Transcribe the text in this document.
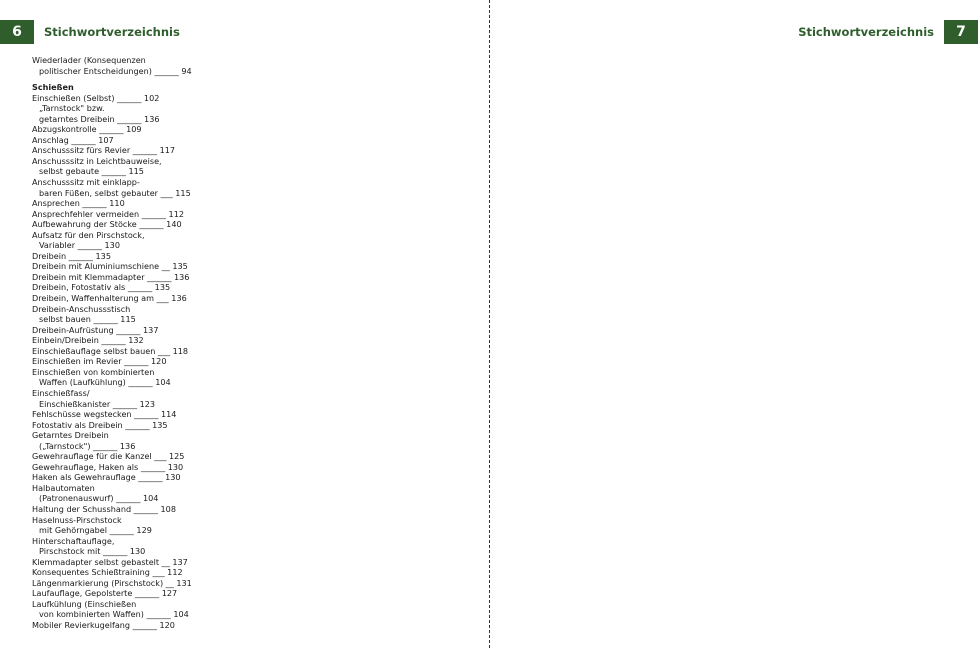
6	Stichwortverzeichnis	Stichwortverzeichnis	7
Wiederlader (Konsequenzen
politischer Entscheidungen) ______ 94
Schießen
Einschießen (Selbst) ______ 102
„Tarnstock" bzw.
getarntes Dreibein ______ 136
Abzugskontrolle ______ 109
Anschlag ______ 107
Anschusssitz fürs Revier ______ 117
Anschusssitz in Leichtbauweise,
selbst gebaute ______ 115
Anschusssitz mit einklapp-
baren Füßen, selbst gebauter ___ 115
Ansprechen ______ 110
Ansprechfehler vermeiden ______ 112
Aufbewahrung der Stöcke ______ 140
Aufsatz für den Pirschstock,
Variabler ______ 130
Dreibein ______ 135
Dreibein mit Aluminiumschiene __ 135
Dreibein mit Klemmadapter ______ 136
Dreibein, Fotostativ als ______ 135
Dreibein, Waffenhalterung am ___ 136
Dreibein-Anschussstisch
selbst bauen ______ 115
Dreibein-Aufrüstung ______ 137
Einbein/Dreibein ______ 132
Einschießauflage selbst bauen ___ 118
Einschießen im Revier ______ 120
Einschießen von kombinierten
Waffen (Laufkühlung) ______ 104
Einschießfass/
Einschießkanister ______ 123
Fehlschüsse wegstecken ______ 114
Fotostativ als Dreibein ______ 135
Getarntes Dreibein
(„Tarnstock") ______ 136
Gewehrauflage für die Kanzel ___ 125
Gewehrauflage, Haken als ______ 130
Haken als Gewehrauflage ______ 130
Halbautomaten
(Patronenauswurf) ______ 104
Haltung der Schusshand ______ 108
Haselnuss-Pirschstock
mit Gehörngabel ______ 129
Hinterschaftauflage,
Pirschstock mit ______ 130
Klemmadapter selbst gebastelt __ 137
Konsequentes Schießtraining ___ 112
Längenmarkierung (Pirschstock) __ 131
Laufauflage, Gepolsterte ______ 127
Laufkühlung (Einschießen
von kombinierten Waffen) ______ 104
Mobiler Revierkugelfang ______ 120
